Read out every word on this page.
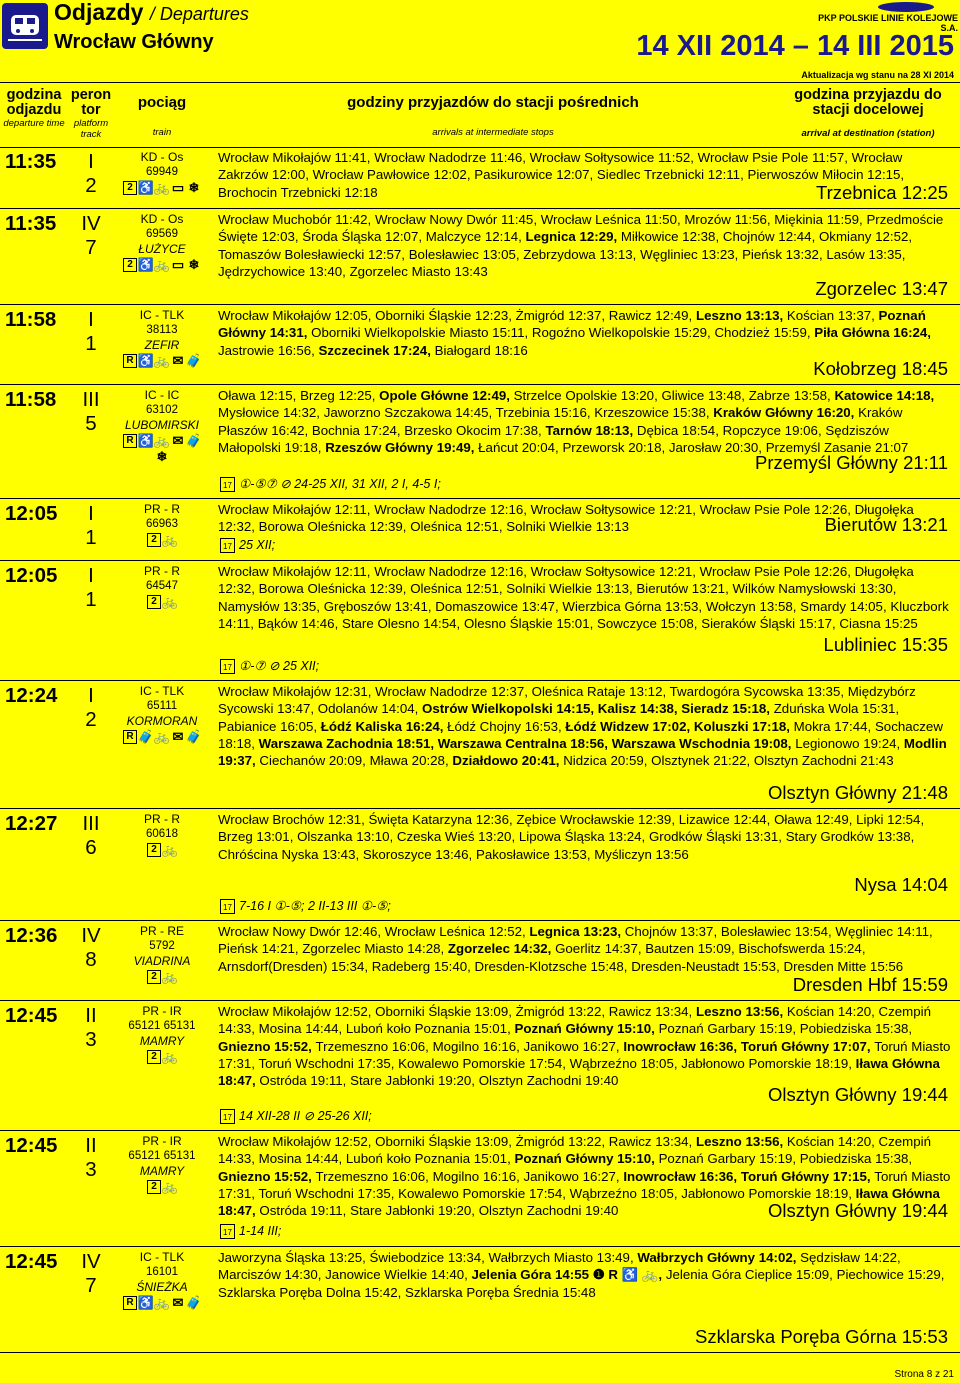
Odjazdy / Departures
Wrocław Główny
PKP POLSKIE LINIE KOLEJOWE S.A.
14 XII 2014 – 14 III 2015
Aktualizacja wg stanu na 28 XI 2014
godzina odjazdu
departure time
peron tor
platform track
pociąg
train
godziny przyjazdów do stacji pośrednich
arrivals at intermediate stops
godzina przyjazdu do stacji docelowej
arrival at destination (station)
11:35	I
2
KD - Os
69949
2 ♿ 🚲 ▭ ❄
Wrocław Mikołajów 11:41, Wrocław Nadodrze 11:46, Wrocław Sołtysowice 11:52, Wrocław Psie Pole 11:57, Wrocław Zakrzów 12:00, Wrocław Pawłowice 12:02, Pasikurowice 12:07, Siedlec Trzebnicki 12:11, Pierwoszów Miłocin 12:15, Brochocin Trzebnicki 12:18	Trzebnica 12:25
11:35	IV
7
KD - Os
69569
ŁUŻYCE
2 ♿ 🚲 ▭ ❄
Wrocław Muchobór 11:42, Wrocław Nowy Dwór 11:45, Wrocław Leśnica 11:50, Mrozów 11:56, Miękinia 11:59, Przedmoście Święte 12:03, Środa Śląska 12:07, Malczyce 12:14, Legnica 12:29, Miłkowice 12:38, Chojnów 12:44, Okmiany 12:52, Tomaszów Bolesławiecki 12:57, Bolesławiec 13:05, Zebrzydowa 13:13, Węgliniec 13:23, Pieńsk 13:32, Lasów 13:35, Jędrzychowice 13:40, Zgorzelec Miasto 13:43
Zgorzelec 13:47
11:58	I
1
IC - TLK
38113
ZEFIR
R ♿ 🚲 ✉ 🧳
Wrocław Mikołajów 12:05, Oborniki Śląskie 12:23, Żmigród 12:37, Rawicz 12:49, Leszno 13:13, Kościan 13:37, Poznań Główny 14:31, Oborniki Wielkopolskie Miasto 15:11, Rogoźno Wielkopolskie 15:29, Chodzież 15:59, Piła Główna 16:24, Jastrowie 16:56, Szczecinek 17:24, Białogard 18:16
Kołobrzeg 18:45
11:58	III
5
IC - IC
63102
LUBOMIRSKI
R ♿ 🚲 ✉ 🧳
❄
Oława 12:15, Brzeg 12:25, Opole Główne 12:49, Strzelce Opolskie 13:20, Gliwice 13:48, Zabrze 13:58, Katowice 14:18, Mysłowice 14:32, Jaworzno Szczakowa 14:45, Trzebinia 15:16, Krzeszowice 15:38, Kraków Główny 16:20, Kraków Płaszów 16:42, Bochnia 17:24, Brzesko Okocim 17:38, Tarnów 18:13, Dębica 18:54, Ropczyce 19:06, Sędziszów Małopolski 19:18, Rzeszów Główny 19:49, Łańcut 20:04, Przeworsk 20:18, Jarosław 20:30, Przemyśl Zasanie 21:07
Przemyśl Główny 21:11
17 ①-⑤⑦ ⊘ 24-25 XII, 31 XII, 2 I, 4-5 I;
12:05	I
1
PR - R
66963
2 🚲
Wrocław Mikołajów 12:11, Wrocław Nadodrze 12:16, Wrocław Sołtysowice 12:21, Wrocław Psie Pole 12:26, Długołęka 12:32, Borowa Oleśnicka 12:39, Oleśnica 12:51, Solniki Wielkie 13:13	Bierutów 13:21
17 25 XII;
12:05	I
1
PR - R
64547
2 🚲
Wrocław Mikołajów 12:11, Wrocław Nadodrze 12:16, Wrocław Sołtysowice 12:21, Wrocław Psie Pole 12:26, Długołęka 12:32, Borowa Oleśnicka 12:39, Oleśnica 12:51, Solniki Wielkie 13:13, Bierutów 13:21, Wilków Namysłowski 13:30, Namysłów 13:35, Gręboszów 13:41, Domaszowice 13:47, Wierzbica Górna 13:53, Wołczyn 13:58, Smardy 14:05, Kluczbork 14:11, Bąków 14:46, Stare Olesno 14:54, Olesno Śląskie 15:01, Sowczyce 15:08, Sieraków Śląski 15:17, Ciasna 15:25
Lubliniec 15:35
17 ①-⑦ ⊘ 25 XII;
12:24	I
2
IC - TLK
65111
KORMORAN
R 🧳 🚲 ✉ 🧳
Wrocław Mikołajów 12:31, Wrocław Nadodrze 12:37, Oleśnica Rataje 13:12, Twardogóra Sycowska 13:35, Międzybórz Sycowski 13:47, Odolanów 14:04, Ostrów Wielkopolski 14:15, Kalisz 14:38, Sieradz 15:18, Zduńska Wola 15:31, Pabianice 16:05, Łódź Kaliska 16:24, Łódź Chojny 16:53, Łódź Widzew 17:02, Koluszki 17:18, Mokra 17:44, Sochaczew 18:18, Warszawa Zachodnia 18:51, Warszawa Centralna 18:56, Warszawa Wschodnia 19:08, Legionowo 19:24, Modlin 19:37, Ciechanów 20:09, Mława 20:28, Działdowo 20:41, Nidzica 20:59, Olsztynek 21:22, Olsztyn Zachodni 21:43
Olsztyn Główny 21:48
12:27	III
6
PR - R
60618
2 🚲
Wrocław Brochów 12:31, Święta Katarzyna 12:36, Zębice Wrocławskie 12:39, Lizawice 12:44, Oława 12:49, Lipki 12:54, Brzeg 13:01, Olszanka 13:10, Czeska Wieś 13:20, Lipowa Śląska 13:24, Grodków Śląski 13:31, Stary Grodków 13:38, Chróścina Nyska 13:43, Skoroszyce 13:46, Pakosławice 13:53, Myśliczyn 13:56
Nysa 14:04
17 7-16 I ①-⑤; 2 II-13 III ①-⑤;
12:36	IV
8
PR - RE
5792
VIADRINA
2 🚲
Wrocław Nowy Dwór 12:46, Wrocław Leśnica 12:52, Legnica 13:23, Chojnów 13:37, Bolesławiec 13:54, Węgliniec 14:11, Pieńsk 14:21, Zgorzelec Miasto 14:28, Zgorzelec 14:32, Goerlitz 14:37, Bautzen 15:09, Bischofswerda 15:24, Arnsdorf(Dresden) 15:34, Radeberg 15:40, Dresden-Klotzsche 15:48, Dresden-Neustadt 15:53, Dresden Mitte 15:56
Dresden Hbf 15:59
12:45	II
3
PR - IR
65121 65131
MAMRY
2 🚲
Wrocław Mikołajów 12:52, Oborniki Śląskie 13:09, Żmigród 13:22, Rawicz 13:34, Leszno 13:56, Kościan 14:20, Czempiń 14:33, Mosina 14:44, Luboń koło Poznania 15:01, Poznań Główny 15:10, Poznań Garbary 15:19, Pobiedziska 15:38, Gniezno 15:52, Trzemeszno 16:06, Mogilno 16:16, Janikowo 16:27, Inowrocław 16:36, Toruń Główny 17:07, Toruń Miasto 17:31, Toruń Wschodni 17:35, Kowalewo Pomorskie 17:54, Wąbrzeźno 18:05, Jabłonowo Pomorskie 18:19, Iława Główna 18:47, Ostróda 19:11, Stare Jabłonki 19:20, Olsztyn Zachodni 19:40
Olsztyn Główny 19:44
17 14 XII-28 II ⊘ 25-26 XII;
12:45	II
3
PR - IR
65121 65131
MAMRY
2 🚲
Wrocław Mikołajów 12:52, Oborniki Śląskie 13:09, Żmigród 13:22, Rawicz 13:34, Leszno 13:56, Kościan 14:20, Czempiń 14:33, Mosina 14:44, Luboń koło Poznania 15:01, Poznań Główny 15:10, Poznań Garbary 15:19, Pobiedziska 15:38, Gniezno 15:52, Trzemeszno 16:06, Mogilno 16:16, Janikowo 16:27, Inowrocław 16:36, Toruń Główny 17:15, Toruń Miasto 17:31, Toruń Wschodni 17:35, Kowalewo Pomorskie 17:54, Wąbrzeźno 18:05, Jabłonowo Pomorskie 18:19, Iława Główna 18:47, Ostróda 19:11, Stare Jabłonki 19:20, Olsztyn Zachodni 19:40	Olsztyn Główny 19:44
17 1-14 III;
12:45	IV
7
IC - TLK
16101
ŚNIEŻKA
R ♿ 🚲 ✉ 🧳
Jaworzyna Śląska 13:25, Świebodzice 13:34, Wałbrzych Miasto 13:49, Wałbrzych Główny 14:02, Sędzisław 14:22, Marciszów 14:30, Janowice Wielkie 14:40, Jelenia Góra 14:55 ❶ R ♿ 🚲, Jelenia Góra Cieplice 15:09, Piechowice 15:29, Szklarska Poręba Dolna 15:42, Szklarska Poręba Średnia 15:48
Szklarska Poręba Górna 15:53
Strona 8 z 21
